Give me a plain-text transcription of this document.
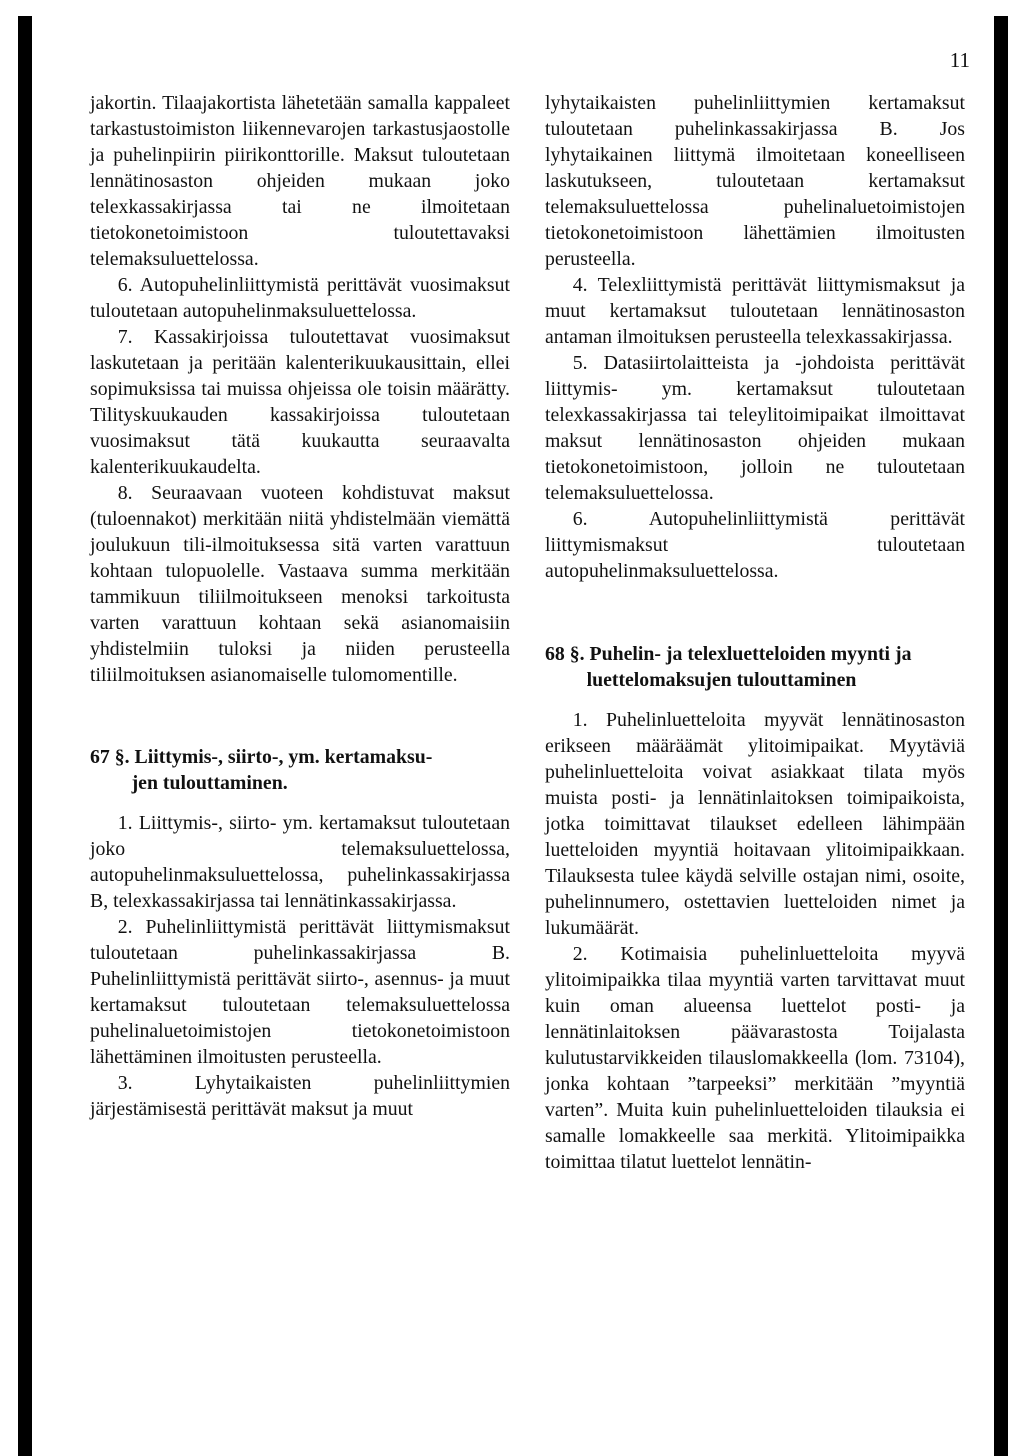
11

jakortin. Tilaajakortista lähetetään samalla kappaleet tarkastustoimiston liikennevarojen tarkastusjaostolle ja puhelinpiirin piirikonttorille. Maksut tuloutetaan lennätinosaston ohjeiden mukaan joko telexkassakirjassa tai ne ilmoitetaan tietokonetoimistoon tuloutettavaksi telemaksuluettelossa.

6. Autopuhelinliittymistä perittävät vuosimaksut tuloutetaan autopuhelinmaksuluettelossa.

7. Kassakirjoissa tuloutettavat vuosimaksut laskutetaan ja peritään kalenterikuukausittain, ellei sopimuksissa tai muissa ohjeissa ole toisin määrätty. Tilityskuukauden kassakirjoissa tuloutetaan vuosimaksut tätä kuukautta seuraavalta kalenterikuukaudelta.

8. Seuraavaan vuoteen kohdistuvat maksut (tuloennakot) merkitään niitä yhdistelmään viemättä joulukuun tili-ilmoituksessa sitä varten varattuun kohtaan tulopuolelle. Vastaava summa merkitään tammikuun tiliilmoitukseen menoksi tarkoitusta varten varattuun kohtaan sekä asianomaisiin yhdistelmiin tuloksi ja niiden perusteella tiliilmoituksen asianomaiselle tulomomentille.

67 §. Liittymis-, siirto-, ym. kertamaksu-
jen tulouttaminen.

1. Liittymis-, siirto- ym. kertamaksut tuloutetaan joko telemaksuluettelossa, autopuhelinmaksuluettelossa, puhelinkassakirjassa B, telexkassakirjassa tai lennätinkassakirjassa.

2. Puhelinliittymistä perittävät liittymismaksut tuloutetaan puhelinkassakirjassa B. Puhelinliittymistä perittävät siirto-, asennus- ja muut kertamaksut tuloutetaan telemaksuluettelossa puhelinaluetoimistojen tietokonetoimistoon lähettäminen ilmoitusten perusteella.

3. Lyhytaikaisten puhelinliittymien järjestämisestä perittävät maksut ja muut

lyhytaikaisten puhelinliittymien kertamaksut tuloutetaan puhelinkassakirjassa B. Jos lyhytaikainen liittymä ilmoitetaan koneelliseen laskutukseen, tuloutetaan kertamaksut telemaksuluettelossa puhelinaluetoimistojen tietokonetoimistoon lähettämien ilmoitusten perusteella.

4. Telexliittymistä perittävät liittymismaksut ja muut kertamaksut tuloutetaan lennätinosaston antaman ilmoituksen perusteella telexkassakirjassa.

5. Datasiirtolaitteista ja -johdoista perittävät liittymis- ym. kertamaksut tuloutetaan telexkassakirjassa tai teleylitoimipaikat ilmoittavat maksut lennätinosaston ohjeiden mukaan tietokonetoimistoon, jolloin ne tuloutetaan telemaksuluettelossa.

6. Autopuhelinliittymistä perittävät liittymismaksut tuloutetaan autopuhelinmaksuluettelossa.

68 §. Puhelin- ja telexluetteloiden myynti ja
luettelomaksujen tulouttaminen

1. Puhelinluetteloita myyvät lennätinosaston erikseen määräämät ylitoimipaikat. Myytäviä puhelinluetteloita voivat asiakkaat tilata myös muista posti- ja lennätinlaitoksen toimipaikoista, jotka toimittavat tilaukset edelleen lähimpään luetteloiden myyntiä hoitavaan ylitoimipaikkaan. Tilauksesta tulee käydä selville ostajan nimi, osoite, puhelinnumero, ostettavien luetteloiden nimet ja lukumäärät.

2. Kotimaisia puhelinluetteloita myyvä ylitoimipaikka tilaa myyntiä varten tarvittavat muut kuin oman alueensa luettelot posti- ja lennätinlaitoksen päävarastosta Toijalasta kulutustarvikkeiden tilauslomakkeella (lom. 73104), jonka kohtaan ”tarpeeksi” merkitään ”myyntiä varten”. Muita kuin puhelinluetteloiden tilauksia ei samalle lomakkeelle saa merkitä. Ylitoimipaikka toimittaa tilatut luettelot lennätin-
